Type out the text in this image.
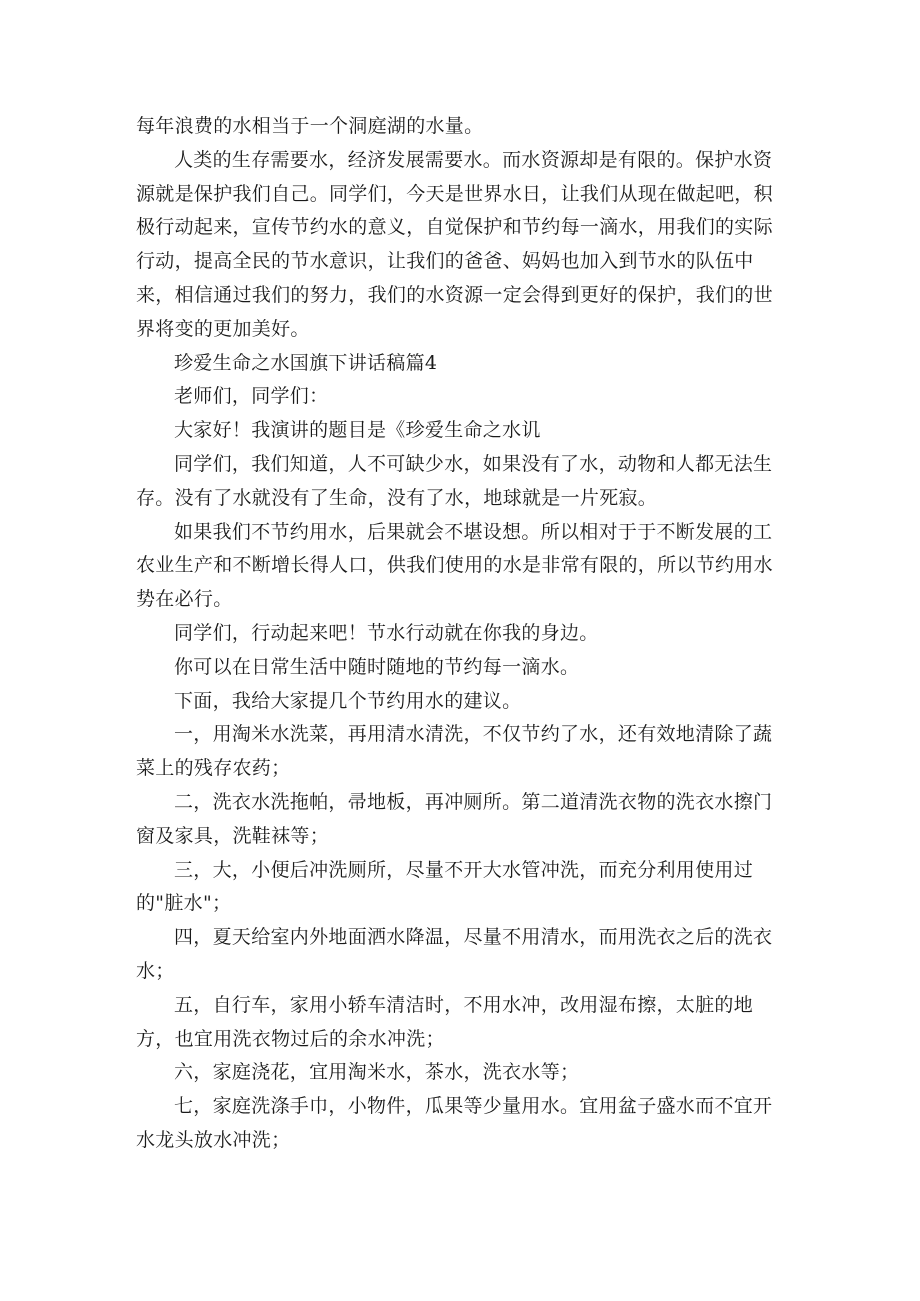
每年浪费的水相当于一个洞庭湖的水量。

人类的生存需要水，经济发展需要水。而水资源却是有限的。保护水资源就是保护我们自己。同学们，今天是世界水日，让我们从现在做起吧，积极行动起来，宣传节约水的意义，自觉保护和节约每一滴水，用我们的实际行动，提高全民的节水意识，让我们的爸爸、妈妈也加入到节水的队伍中来，相信通过我们的努力，我们的水资源一定会得到更好的保护，我们的世界将变的更加美好。

珍爱生命之水国旗下讲话稿篇4

老师们，同学们：

大家好！我演讲的题目是《珍爱生命之水讥

同学们，我们知道，人不可缺少水，如果没有了水，动物和人都无法生存。没有了水就没有了生命，没有了水，地球就是一片死寂。

如果我们不节约用水，后果就会不堪设想。所以相对于于不断发展的工农业生产和不断增长得人口，供我们使用的水是非常有限的，所以节约用水势在必行。

同学们，行动起来吧！节水行动就在你我的身边。

你可以在日常生活中随时随地的节约每一滴水。

下面，我给大家提几个节约用水的建议。

一，用淘米水洗菜，再用清水清洗，不仅节约了水，还有效地清除了蔬菜上的残存农药；

二，洗衣水洗拖帕，帚地板，再冲厕所。第二道清洗衣物的洗衣水擦门窗及家具，洗鞋袜等；

三，大，小便后冲洗厕所，尽量不开大水管冲洗，而充分利用使用过的"脏水"；

四，夏天给室内外地面洒水降温，尽量不用清水，而用洗衣之后的洗衣水；

五，自行车，家用小轿车清洁时，不用水冲，改用湿布擦，太脏的地方，也宜用洗衣物过后的余水冲洗；

六，家庭浇花，宜用淘米水，茶水，洗衣水等；

七，家庭洗涤手巾，小物件，瓜果等少量用水。宜用盆子盛水而不宜开水龙头放水冲洗；
